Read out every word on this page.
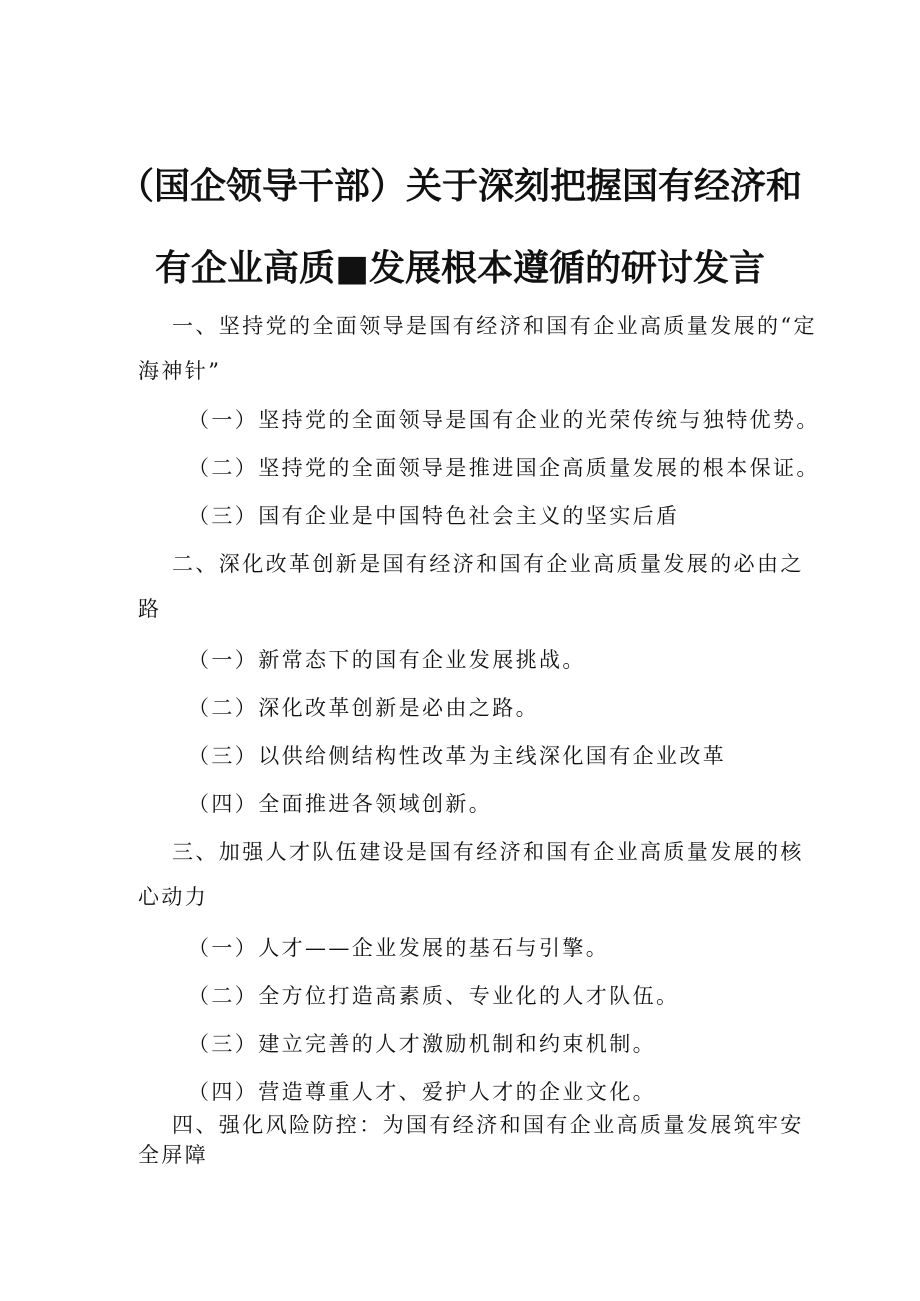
（国企领导干部）关于深刻把握国有经济和
有企业高质■发展根本遵循的研讨发言
一、坚持党的全面领导是国有经济和国有企业高质量发展的“定海神针”
（一）坚持党的全面领导是国有企业的光荣传统与独特优势。
（二）坚持党的全面领导是推进国企高质量发展的根本保证。
（三）国有企业是中国特色社会主义的坚实后盾
二、深化改革创新是国有经济和国有企业高质量发展的必由之路
（一）新常态下的国有企业发展挑战。
（二）深化改革创新是必由之路。
（三）以供给侧结构性改革为主线深化国有企业改革
（四）全面推进各领域创新。
三、加强人才队伍建设是国有经济和国有企业高质量发展的核心动力
（一）人才——企业发展的基石与引擎。
（二）全方位打造高素质、专业化的人才队伍。
（三）建立完善的人才激励机制和约束机制。
（四）营造尊重人才、爱护人才的企业文化。
四、强化风险防控：为国有经济和国有企业高质量发展筑牢安全屏障
